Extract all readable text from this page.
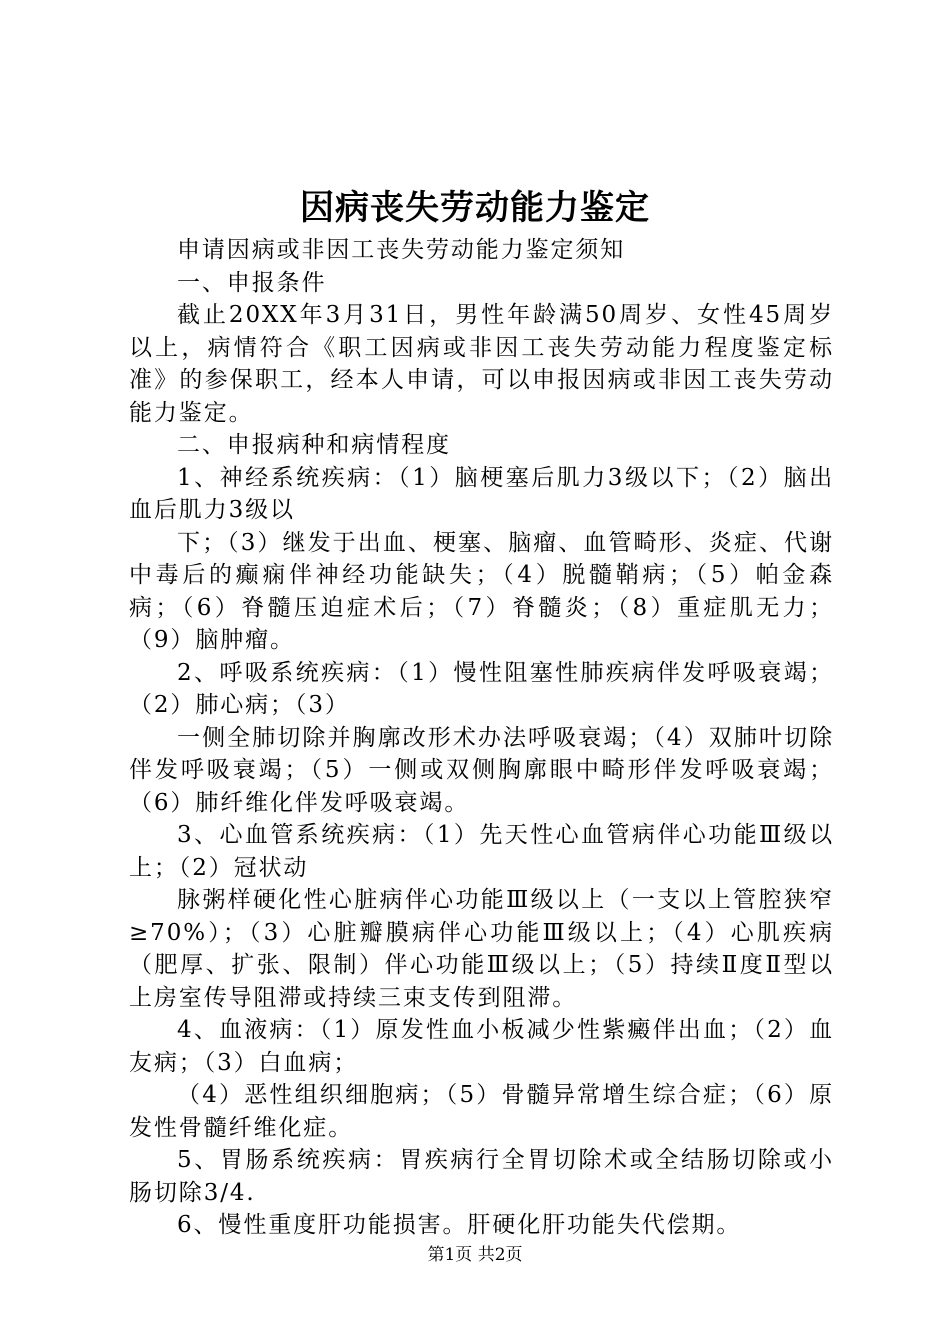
因病丧失劳动能力鉴定

申请因病或非因工丧失劳动能力鉴定须知

一、申报条件

截止20XX年3月31日，男性年龄满50周岁、女性45周岁以上，病情符合《职工因病或非因工丧失劳动能力程度鉴定标准》的参保职工，经本人申请，可以申报因病或非因工丧失劳动能力鉴定。

二、申报病种和病情程度

1、神经系统疾病：（1）脑梗塞后肌力3级以下；（2）脑出血后肌力3级以

下；（3）继发于出血、梗塞、脑瘤、血管畸形、炎症、代谢中毒后的癫痫伴神经功能缺失；（4）脱髓鞘病；（5）帕金森病；（6）脊髓压迫症术后；（7）脊髓炎；（8）重症肌无力；（9）脑肿瘤。

2、呼吸系统疾病：（1）慢性阻塞性肺疾病伴发呼吸衰竭；（2）肺心病；（3）

一侧全肺切除并胸廓改形术办法呼吸衰竭；（4）双肺叶切除伴发呼吸衰竭；（5）一侧或双侧胸廓眼中畸形伴发呼吸衰竭；（6）肺纤维化伴发呼吸衰竭。

3、心血管系统疾病：（1）先天性心血管病伴心功能Ⅲ级以上；（2）冠状动

脉粥样硬化性心脏病伴心功能Ⅲ级以上（一支以上管腔狭窄≥70%）；（3）心脏瓣膜病伴心功能Ⅲ级以上；（4）心肌疾病（肥厚、扩张、限制）伴心功能Ⅲ级以上；（5）持续Ⅱ度Ⅱ型以上房室传导阻滞或持续三束支传到阻滞。

4、血液病：（1）原发性血小板减少性紫癜伴出血；（2）血友病；（3）白血病；

（4）恶性组织细胞病；（5）骨髓异常增生综合症；（6）原发性骨髓纤维化症。

5、胃肠系统疾病：胃疾病行全胃切除术或全结肠切除或小肠切除3/4.

6、慢性重度肝功能损害。肝硬化肝功能失代偿期。

第1页 共2页
